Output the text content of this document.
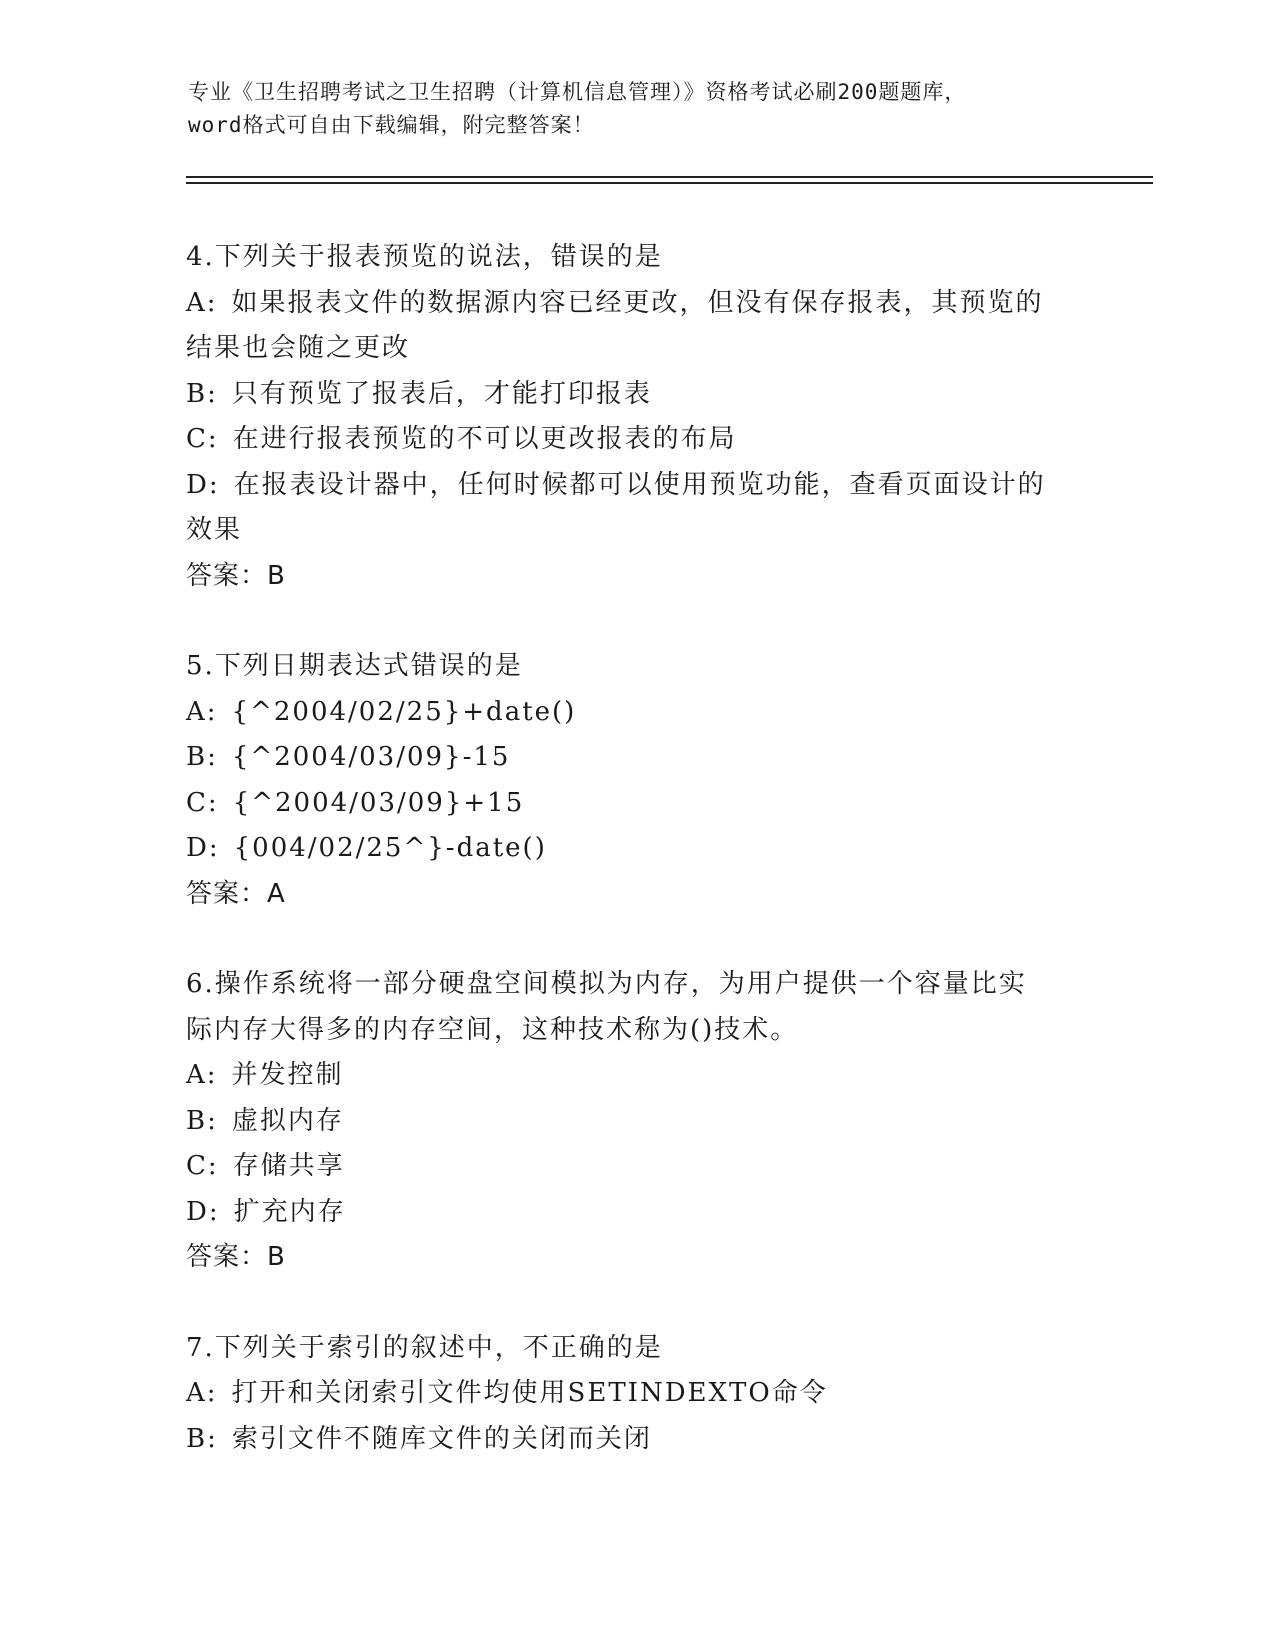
专业《卫生招聘考试之卫生招聘（计算机信息管理）》资格考试必刷200题题库，
word格式可自由下载编辑，附完整答案！
4.下列关于报表预览的说法，错误的是
A: 如果报表文件的数据源内容已经更改，但没有保存报表，其预览的
结果也会随之更改
B: 只有预览了报表后，才能打印报表
C: 在进行报表预览的不可以更改报表的布局
D: 在报表设计器中，任何时候都可以使用预览功能，查看页面设计的
效果
答案：B
5.下列日期表达式错误的是
A: {^2004/02/25}+date()
B: {^2004/03/09}-15
C: {^2004/03/09}+15
D: {004/02/25^}-date()
答案：A
6.操作系统将一部分硬盘空间模拟为内存，为用户提供一个容量比实
际内存大得多的内存空间，这种技术称为()技术。
A: 并发控制
B: 虚拟内存
C: 存储共享
D: 扩充内存
答案：B
7.下列关于索引的叙述中，不正确的是
A: 打开和关闭索引文件均使用SETINDEXTO命令
B: 索引文件不随库文件的关闭而关闭
